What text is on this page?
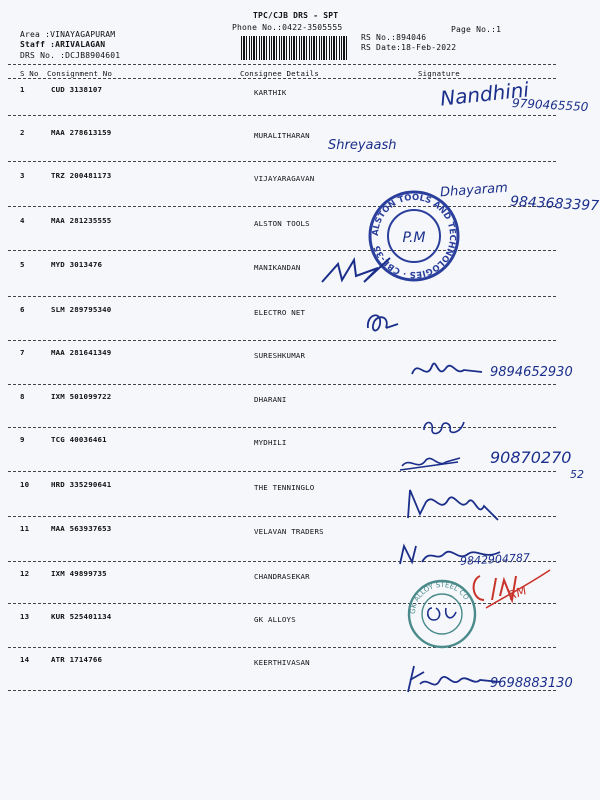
TPC/CJB DRS - SPT
Phone No.:0422-3505555	Page No.:1
Area :VINAYAGAPURAM
Staff :ARIVALAGAN
DRS No. :DCJB8904601
RS No.:894046
RS Date:18-Feb-2022
S No Consignment No	Consignee Details	Signature
1	CUD 3138107	KARTHIK
2	MAA 278613159	MURALITHARAN
3	TRZ 200481173	VIJAYARAGAVAN
4	MAA 281235555	ALSTON TOOLS
5	MYD 3013476	MANIKANDAN
6	SLM 289795340	ELECTRO NET
7	MAA 281641349	SURESHKUMAR
8	IXM 501099722	DHARANI
9	TCG 40036461	MYDHILI
10	HRD 335290641	THE TENNINGLO
11	MAA 563937653	VELAVAN TRADERS
12	IXM 49899735	CHANDRASEKAR
13	KUR 525401134	GK ALLOYS
14	ATR 1714766	KEERTHIVASAN
Nandhini
9790465550
Shreyaash
Dhayaram
9843683397
ALSTON TOOLS AND TECHNOLOGIES · CBE-35
P.M
9894652930
90870270
52
9842904787
RM
GK ALLOY STEEL CO
9698883130
